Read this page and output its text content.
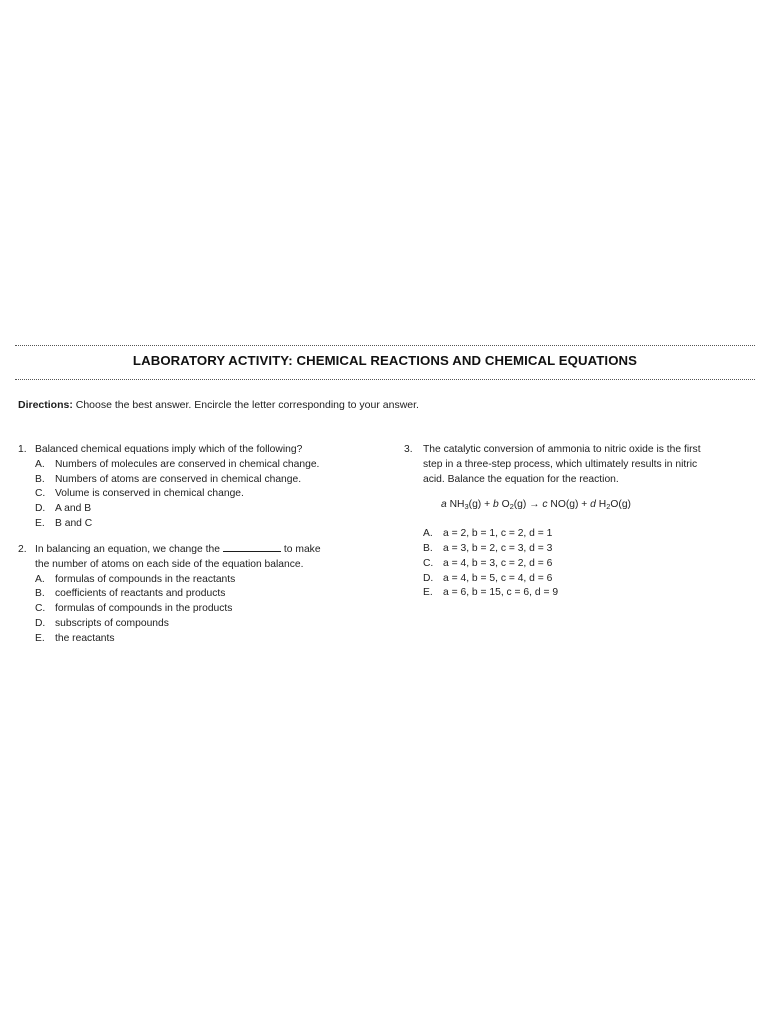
LABORATORY ACTIVITY: CHEMICAL REACTIONS AND CHEMICAL EQUATIONS
Directions: Choose the best answer. Encircle the letter corresponding to your answer.
1. Balanced chemical equations imply which of the following?
A. Numbers of molecules are conserved in chemical change.
B. Numbers of atoms are conserved in chemical change.
C. Volume is conserved in chemical change.
D. A and B
E. B and C
2. In balancing an equation, we change the	to make
the number of atoms on each side of the equation balance.
A. formulas of compounds in the reactants
B. coefficients of reactants and products
C. formulas of compounds in the products
D. subscripts of compounds
E. the reactants
3. The catalytic conversion of ammonia to nitric oxide is the first
step in a three-step process, which ultimately results in nitric
acid. Balance the equation for the reaction.
a $NH_3(g) + b$ $O_2(g) \to c$ NO(g) + d $H_2O(g)$
A. a = 2, b = 1, c = 2, d = 1
B. a = 3, b = 2, c = 3, d = 3
C. a = 4, b = 3, c = 2, d = 6
D. a = 4, b = 5, c = 4, d = 6
E. a = 6, b = 15, c = 6, d = 9
